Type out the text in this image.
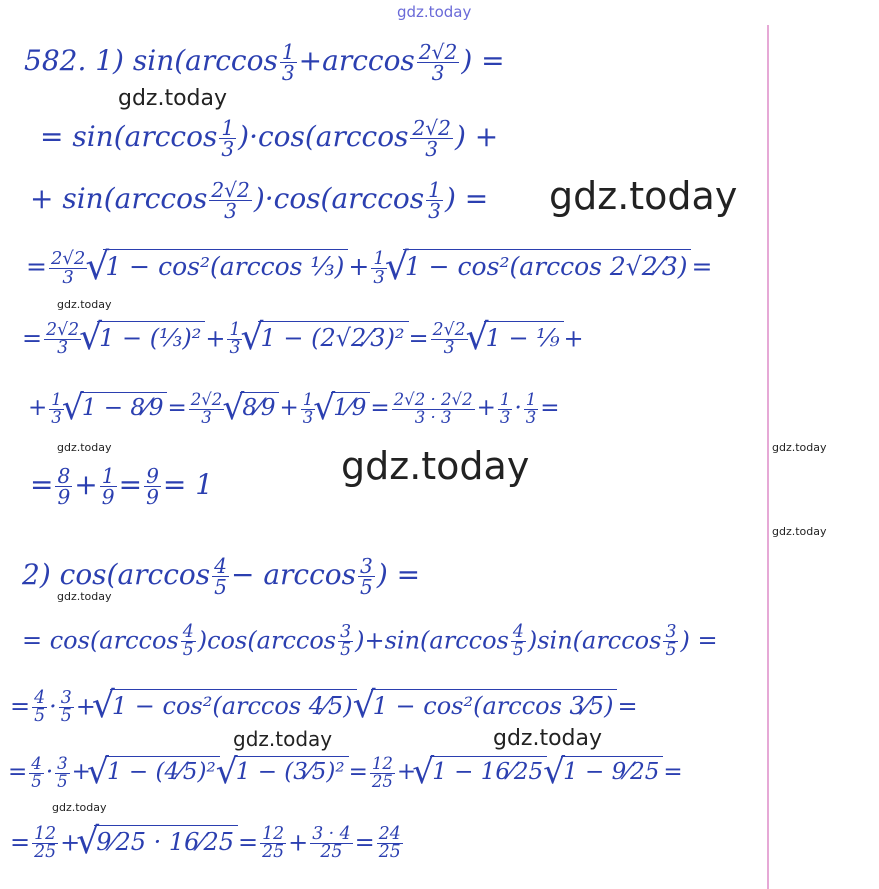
gdz.today
gdz.today
gdz.today
gdz.today
gdz.today	gdz.today
gdz.today
gdz.today
gdz.today
gdz.today	gdz.today
gdz.today
gdz.today
582. 1) $\sin(\arccos \frac{1}{3} +\arccos \frac{2√2}{3}$ ) =
= $\sin(\arccos \frac{1}{3} )\cdot\cos(\arccos \frac{2√2}{3}$ ) +
+ $\sin(\arccos \frac{2√2}{3} )\cdot\cos(\arccos \frac{1}{3}$ ) =
= $\frac{2√2}{3}$ √ 1 − cos²(arccos ⅓) + $\frac{1}{3}$ √ 1 − cos²(arccos 2√2⁄3) =
= $\frac{2√2}{3}$ √ 1 − (⅓)² + $\frac{1}{3}$ √ 1 − (2√2⁄3)² = $\frac{2√2}{3}$ √ 1 − ⅑ +
+ $\frac{1}{3}$ √ 1 − 8⁄9 = $\frac{2√2}{3}$ √ 8⁄9 + $\frac{1}{3}$ √ 1⁄9 = $\frac{2√2 \cdot 2√2}{3 \cdot 3} + \frac{1}{3} \cdot \frac{1}{3}$ =
= $\frac{8}{9} + \frac{1}{9} = \frac{9}{9} = 1$
2) $\cos(\arccos \frac{4}{5} - \arccos \frac{3}{5}$ ) =
= $\cos(\arccos \frac{4}{5} )\cos(\arccos \frac{3}{5} )+\sin(\arccos \frac{4}{5} )\sin(\arccos \frac{3}{5}$ ) =
= $\frac{4}{5} \cdot \frac{3}{5}$ + √ 1 − cos²(arccos 4⁄5) √ 1 − cos²(arccos 3⁄5) =
= $\frac{4}{5} \cdot \frac{3}{5}$ + √ 1 − (4⁄5)² √ 1 − (3⁄5)² = $\frac{12}{25}$ + √ 1 − 16⁄25 √ 1 − 9⁄25 =
= $\frac{12}{25}$ + √ 9⁄25 · 16⁄25 = $\frac{12}{25} + \frac{3 \cdot 4}{25} = \frac{24}{25}$
